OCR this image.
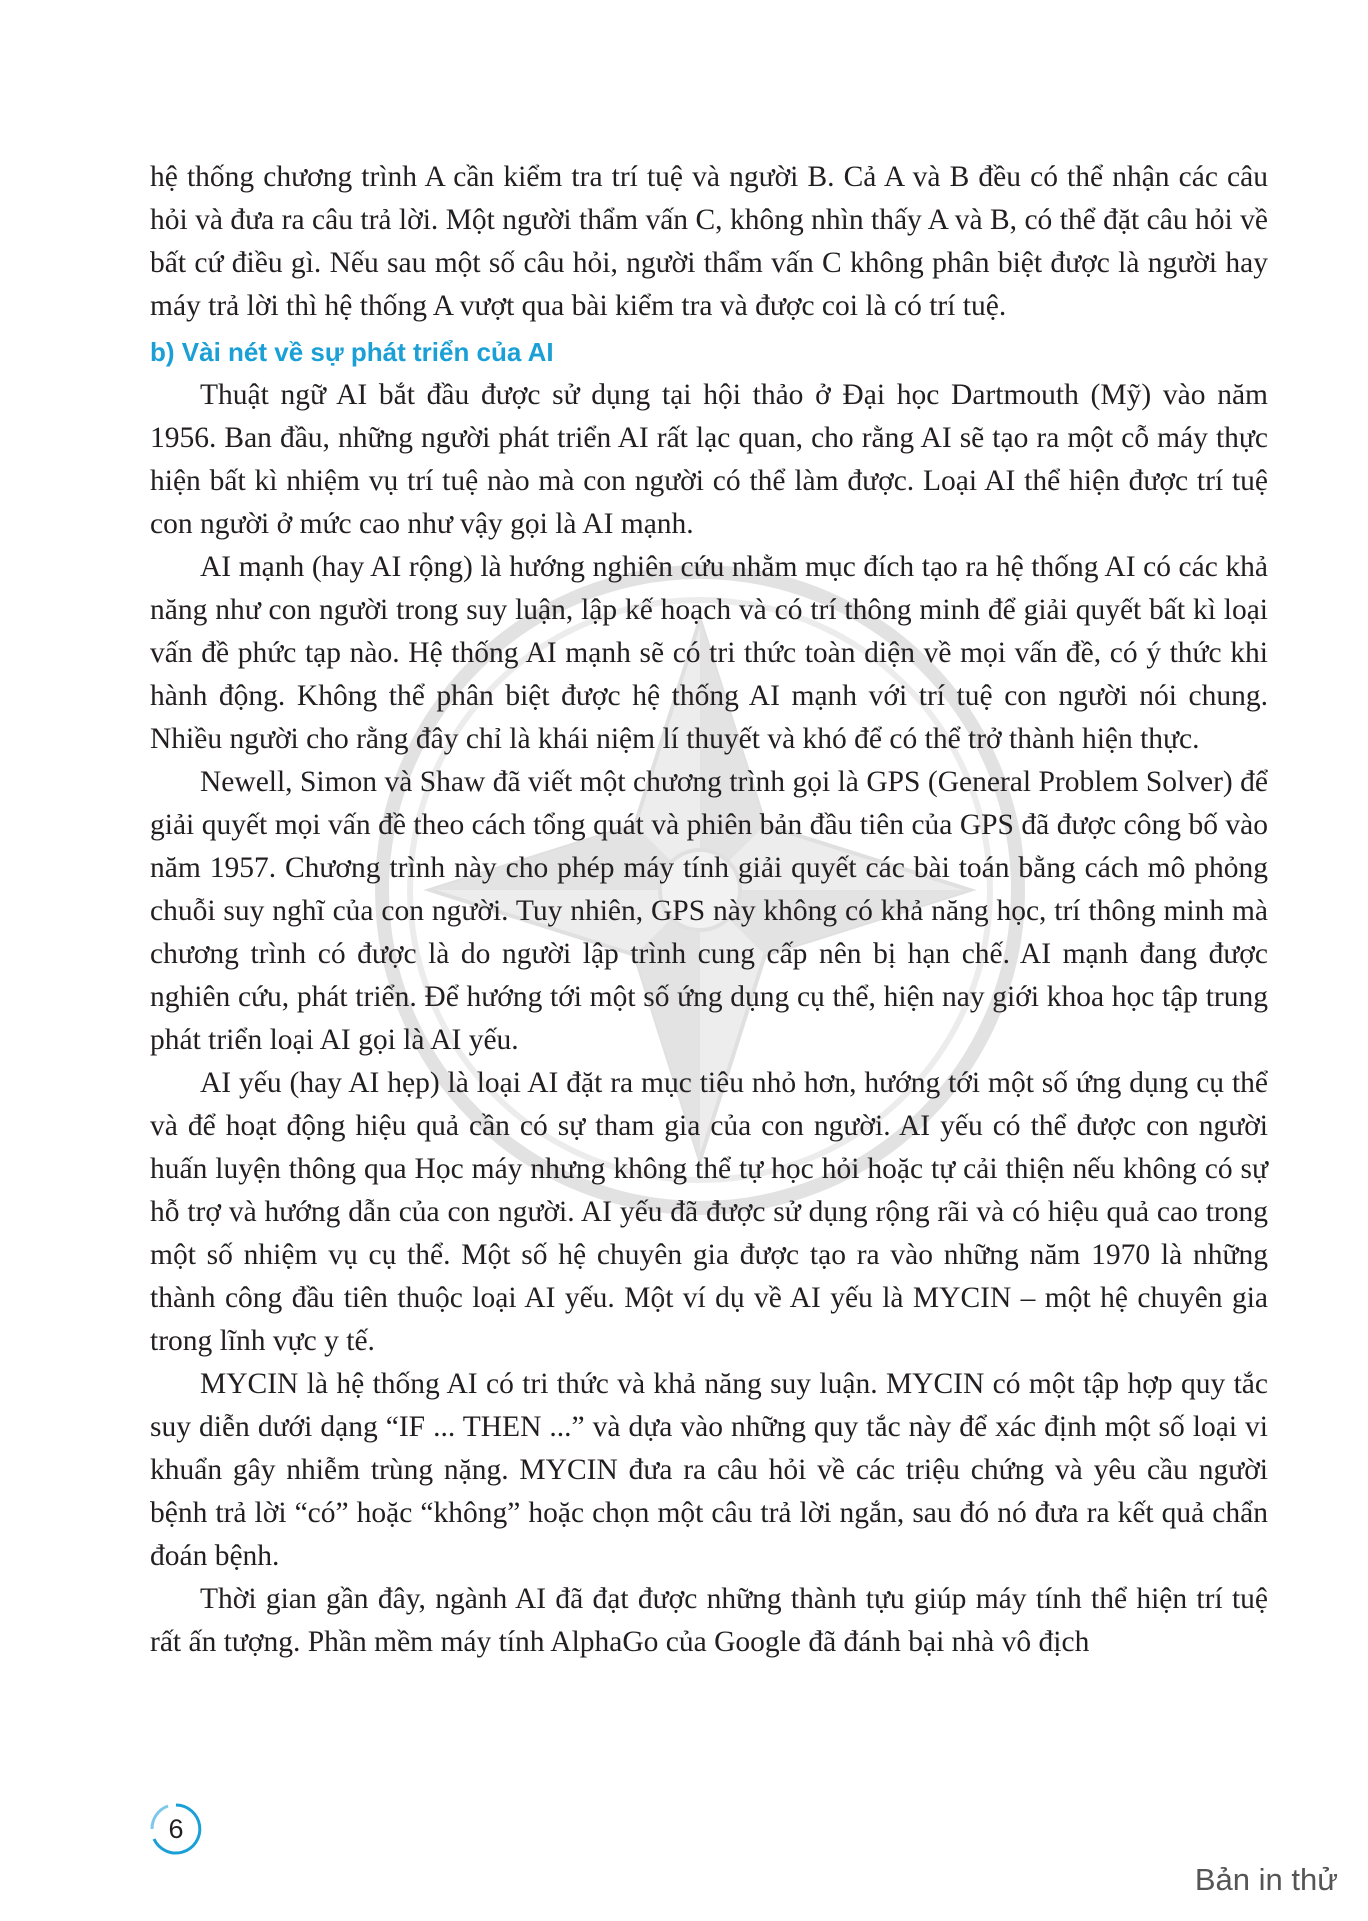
hệ thống chương trình A cần kiểm tra trí tuệ và người B. Cả A và B đều có thể nhận các câu hỏi và đưa ra câu trả lời. Một người thẩm vấn C, không nhìn thấy A và B, có thể đặt câu hỏi về bất cứ điều gì. Nếu sau một số câu hỏi, người thẩm vấn C không phân biệt được là người hay máy trả lời thì hệ thống A vượt qua bài kiểm tra và được coi là có trí tuệ.

b) Vài nét về sự phát triển của AI

Thuật ngữ AI bắt đầu được sử dụng tại hội thảo ở Đại học Dartmouth (Mỹ) vào năm 1956. Ban đầu, những người phát triển AI rất lạc quan, cho rằng AI sẽ tạo ra một cỗ máy thực hiện bất kì nhiệm vụ trí tuệ nào mà con người có thể làm được. Loại AI thể hiện được trí tuệ con người ở mức cao như vậy gọi là AI mạnh.

AI mạnh (hay AI rộng) là hướng nghiên cứu nhằm mục đích tạo ra hệ thống AI có các khả năng như con người trong suy luận, lập kế hoạch và có trí thông minh để giải quyết bất kì loại vấn đề phức tạp nào. Hệ thống AI mạnh sẽ có tri thức toàn diện về mọi vấn đề, có ý thức khi hành động. Không thể phân biệt được hệ thống AI mạnh với trí tuệ con người nói chung. Nhiều người cho rằng đây chỉ là khái niệm lí thuyết và khó để có thể trở thành hiện thực.

Newell, Simon và Shaw đã viết một chương trình gọi là GPS (General Problem Solver) để giải quyết mọi vấn đề theo cách tổng quát và phiên bản đầu tiên của GPS đã được công bố vào năm 1957. Chương trình này cho phép máy tính giải quyết các bài toán bằng cách mô phỏng chuỗi suy nghĩ của con người. Tuy nhiên, GPS này không có khả năng học, trí thông minh mà chương trình có được là do người lập trình cung cấp nên bị hạn chế. AI mạnh đang được nghiên cứu, phát triển. Để hướng tới một số ứng dụng cụ thể, hiện nay giới khoa học tập trung phát triển loại AI gọi là AI yếu.

AI yếu (hay AI hẹp) là loại AI đặt ra mục tiêu nhỏ hơn, hướng tới một số ứng dụng cụ thể và để hoạt động hiệu quả cần có sự tham gia của con người. AI yếu có thể được con người huấn luyện thông qua Học máy nhưng không thể tự học hỏi hoặc tự cải thiện nếu không có sự hỗ trợ và hướng dẫn của con người. AI yếu đã được sử dụng rộng rãi và có hiệu quả cao trong một số nhiệm vụ cụ thể. Một số hệ chuyên gia được tạo ra vào những năm 1970 là những thành công đầu tiên thuộc loại AI yếu. Một ví dụ về AI yếu là MYCIN – một hệ chuyên gia trong lĩnh vực y tế.

MYCIN là hệ thống AI có tri thức và khả năng suy luận. MYCIN có một tập hợp quy tắc suy diễn dưới dạng “IF ... THEN ...” và dựa vào những quy tắc này để xác định một số loại vi khuẩn gây nhiễm trùng nặng. MYCIN đưa ra câu hỏi về các triệu chứng và yêu cầu người bệnh trả lời “có” hoặc “không” hoặc chọn một câu trả lời ngắn, sau đó nó đưa ra kết quả chẩn đoán bệnh.

Thời gian gần đây, ngành AI đã đạt được những thành tựu giúp máy tính thể hiện trí tuệ rất ấn tượng. Phần mềm máy tính AlphaGo của Google đã đánh bại nhà vô địch

6
Bản in thử
